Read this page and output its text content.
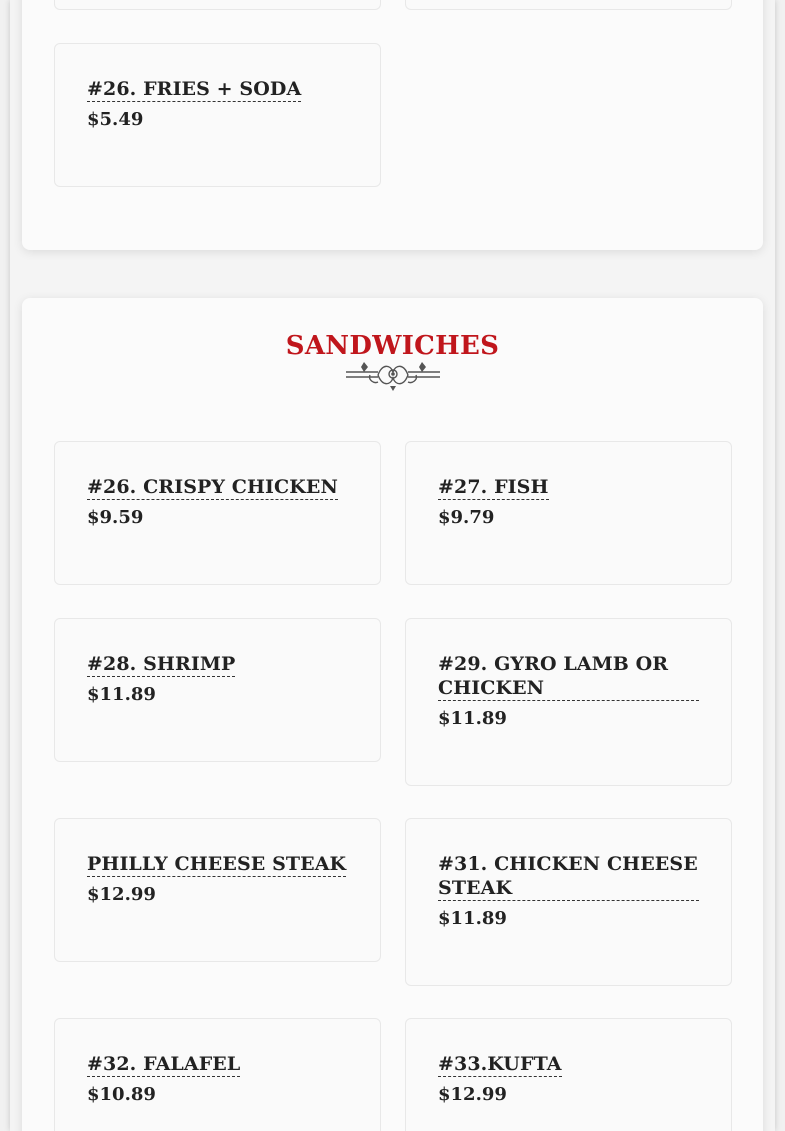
#26. FRIES + SODA
$5.49
SANDWICHES
#26. CRISPY CHICKEN
$9.59
#27. FISH
$9.79
#28. SHRIMP
$11.89
#29. GYRO LAMB OR CHICKEN
$11.89
PHILLY CHEESE STEAK
$12.99
#31. CHICKEN CHEESE STEAK
$11.89
#32. FALAFEL
$10.89
#33.KUFTA
$12.99
